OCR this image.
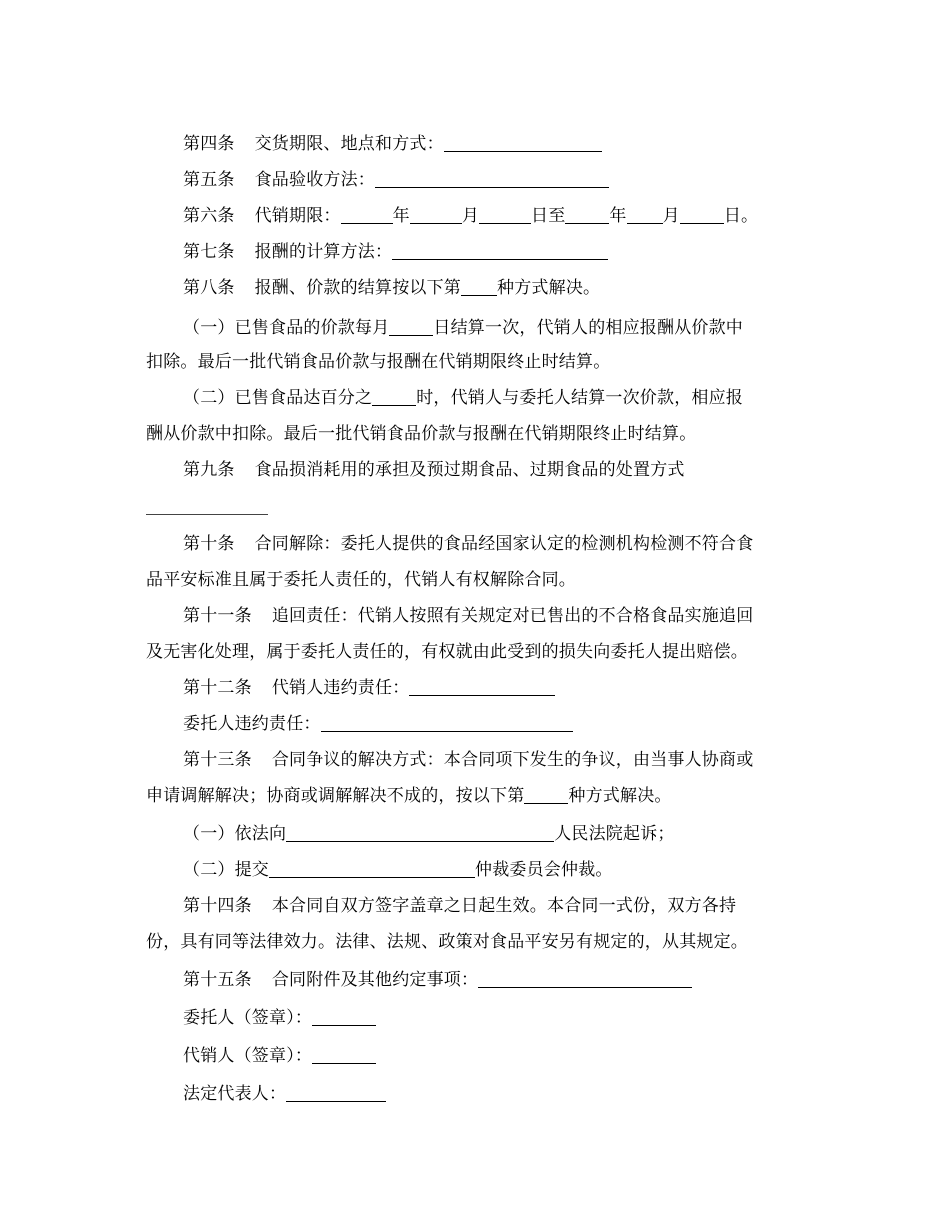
第四条 交货期限、地点和方式：
第五条 食品验收方法：
第六条 代销期限：	年	月	日至	年 月	日。
第七条 报酬的计算方法：
第八条 报酬、价款的结算按以下第 种方式解决。
（一）已售食品的价款每月	日结算一次，代销人的相应报酬从价款中
扣除。最后一批代销食品价款与报酬在代销期限终止时结算。
（二）已售食品达百分之	时，代销人与委托人结算一次价款，相应报
酬从价款中扣除。最后一批代销食品价款与报酬在代销期限终止时结算。
第九条 食品损消耗用的承担及预过期食品、过期食品的处置方式
第十条 合同解除：委托人提供的食品经国家认定的检测机构检测不符合食
品平安标准且属于委托人责任的，代销人有权解除合同。
第十一条 追回责任：代销人按照有关规定对已售出的不合格食品实施追回
及无害化处理，属于委托人责任的，有权就由此受到的损失向委托人提出赔偿。
第十二条 代销人违约责任：
委托人违约责任：
第十三条 合同争议的解决方式：本合同项下发生的争议，由当事人协商或
申请调解解决；协商或调解解决不成的，按以下第	种方式解决。
（一）依法向	人民法院起诉；
（二）提交	仲裁委员会仲裁。
第十四条 本合同自双方签字盖章之日起生效。本合同一式份，双方各持
份，具有同等法律效力。法律、法规、政策对食品平安另有规定的，从其规定。
第十五条 合同附件及其他约定事项：
委托人（签章）：
代销人（签章）：
法定代表人：
